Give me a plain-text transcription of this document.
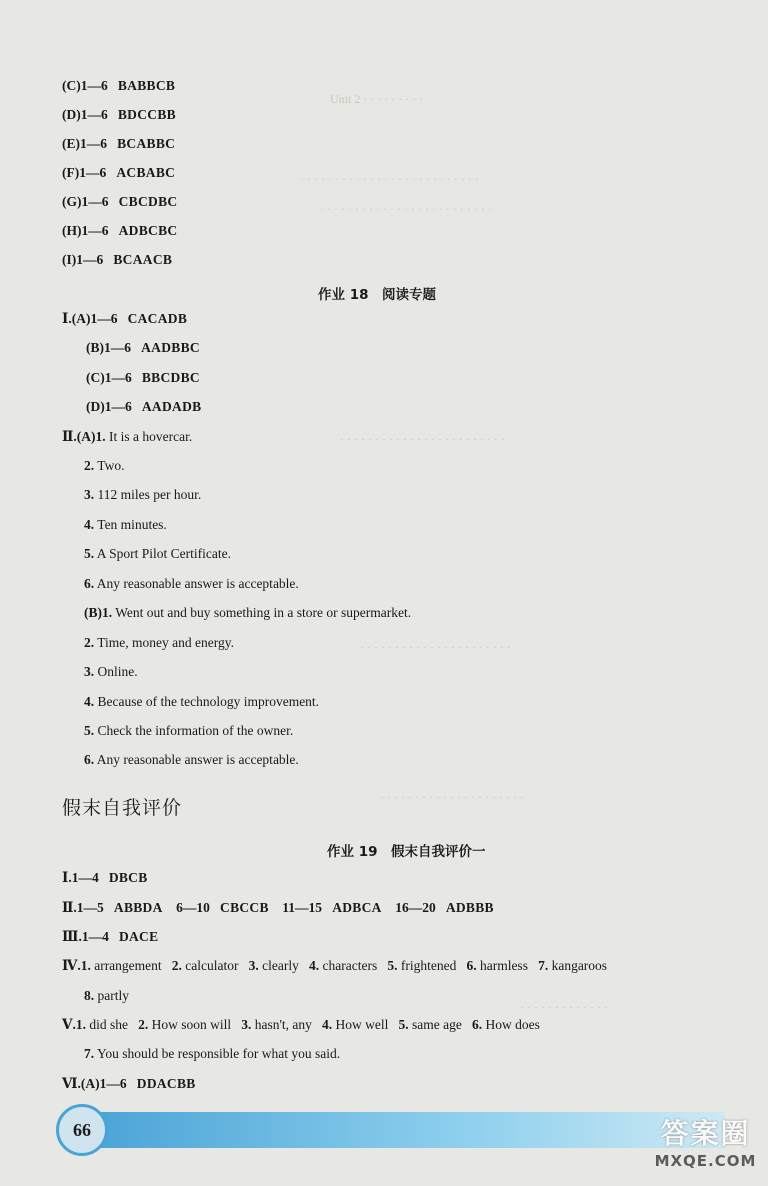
Unit 2 · · · · · · · · ·
· · · · · · · · · · · · · · · · · · · · · · · · · ·
· · · · · · · · · · · · · · · · · · · · · · · · ·
· · · · · · · · · · · · · · · · · · · · · · · ·
· · · · · · · · · · · · · · · · · · · · · ·
· · · · · · · · · · · · · · · · · · · · ·
· · · · · · · · · · · · ·
(C)1—6 BABBCB
(D)1—6 BDCCBB
(E)1—6 BCABBC
(F)1—6 ACBABC
(G)1—6 CBCDBC
(H)1—6 ADBCBC
(I)1—6 BCAACB
作业 18　阅读专题
Ⅰ.(A)1—6 CACADB
(B)1—6 AADBBC
(C)1—6 BBCDBC
(D)1—6 AADADB
Ⅱ.(A)1. It is a hovercar.
2. Two.
3. 112 miles per hour.
4. Ten minutes.
5. A Sport Pilot Certificate.
6. Any reasonable answer is acceptable.
(B)1. Went out and buy something in a store or supermarket.
2. Time, money and energy.
3. Online.
4. Because of the technology improvement.
5. Check the information of the owner.
6. Any reasonable answer is acceptable.
假末自我评价
作业 19　假末自我评价一
Ⅰ.1—4 DBCB
Ⅱ.1—5 ABBDA 6—10 CBCCB 11—15 ADBCA 16—20 ADBBB
Ⅲ.1—4 DACE
Ⅳ.1. arrangement 2. calculator 3. clearly 4. characters 5. frightened 6. harmless 7. kangaroos
8. partly
Ⅴ.1. did she 2. How soon will 3. hasn't, any 4. How well 5. same age 6. How does
7. You should be responsible for what you said.
Ⅵ.(A)1—6 DDACBB
66	答案圈
MXQE.COM
